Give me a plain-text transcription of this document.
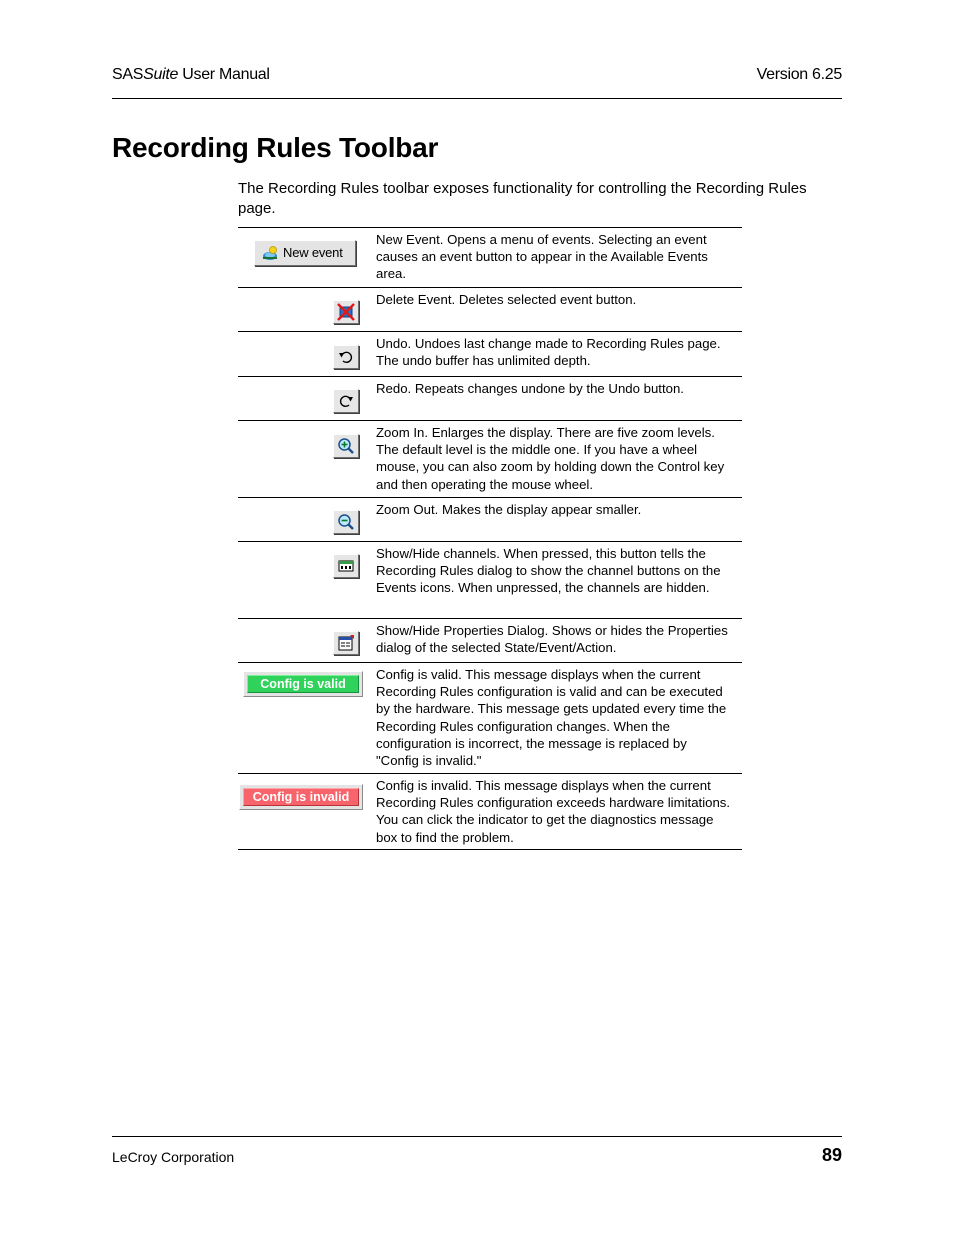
SASSuite User Manual	Version 6.25
Recording Rules Toolbar

The Recording Rules toolbar exposes functionality for controlling the Recording Rules page.

New event
New Event. Opens a menu of events. Selecting an event causes an event button to appear in the Available Events area.
Delete Event. Deletes selected event button.
Undo. Undoes last change made to Recording Rules page. The undo buffer has unlimited depth.
Redo. Repeats changes undone by the Undo button.
Zoom In. Enlarges the display. There are five zoom levels. The default level is the middle one. If you have a wheel mouse, you can also zoom by holding down the Control key and then operating the mouse wheel.
Zoom Out. Makes the display appear smaller.
Show/Hide channels. When pressed, this button tells the Recording Rules dialog to show the channel buttons on the Events icons. When unpressed, the channels are hidden.
Show/Hide Properties Dialog. Shows or hides the Properties dialog of the selected State/Event/Action.
Config is valid
Config is valid. This message displays when the current Recording Rules configuration is valid and can be executed by the hardware. This message gets updated every time the Recording Rules configuration changes. When the configuration is incorrect, the message is replaced by "Config is invalid."
Config is invalid
Config is invalid. This message displays when the current Recording Rules configuration exceeds hardware limitations. You can click the indicator to get the diagnostics message box to find the problem.
LeCroy Corporation	89
